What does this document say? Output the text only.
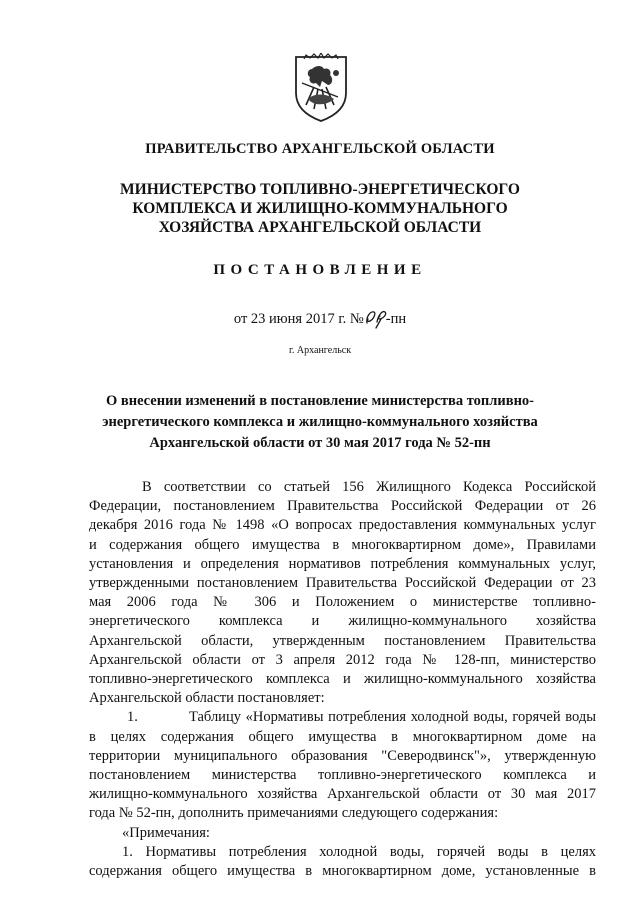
ПРАВИТЕЛЬСТВО АРХАНГЕЛЬСКОЙ ОБЛАСТИ
МИНИСТЕРСТВО ТОПЛИВНО-ЭНЕРГЕТИЧЕСКОГО
КОМПЛЕКСА И ЖИЛИЩНО-КОММУНАЛЬНОГО
ХОЗЯЙСТВА АРХАНГЕЛЬСКОЙ ОБЛАСТИ
ПОСТАНОВЛЕНИЕ
от 23 июня 2017 г. № -пн
г. Архангельск
О внесении изменений в постановление министерства топливно-
энергетического комплекса и жилищно-коммунального хозяйства
Архангельской области от 30 мая 2017 года № 52-пн
В соответствии со статьей 156 Жилищного Кодекса Российской
Федерации, постановлением Правительства Российской Федерации от 26
декабря 2016 года № 1498 «О вопросах предоставления коммунальных услуг
и содержания общего имущества в многоквартирном доме», Правилами
установления и определения нормативов потребления коммунальных услуг,
утвержденными постановлением Правительства Российской Федерации от 23
мая 2006 года № 306 и Положением о министерстве топливно-
энергетического комплекса и жилищно-коммунального хозяйства
Архангельской области, утвержденным постановлением Правительства
Архангельской области от 3 апреля 2012 года № 128-пп, министерство
топливно-энергетического комплекса и жилищно-коммунального хозяйства
Архангельской области постановляет:
1.	Таблицу «Нормативы потребления холодной воды, горячей воды
в целях содержания общего имущества в многоквартирном доме на
территории муниципального образования "Северодвинск"», утвержденную
постановлением министерства топливно-энергетического комплекса и
жилищно-коммунального хозяйства Архангельской области от 30 мая 2017
года № 52-пн, дополнить примечаниями следующего содержания:
«Примечания:
1. Нормативы потребления холодной воды, горячей воды в целях
содержания общего имущества в многоквартирном доме, установленные в
